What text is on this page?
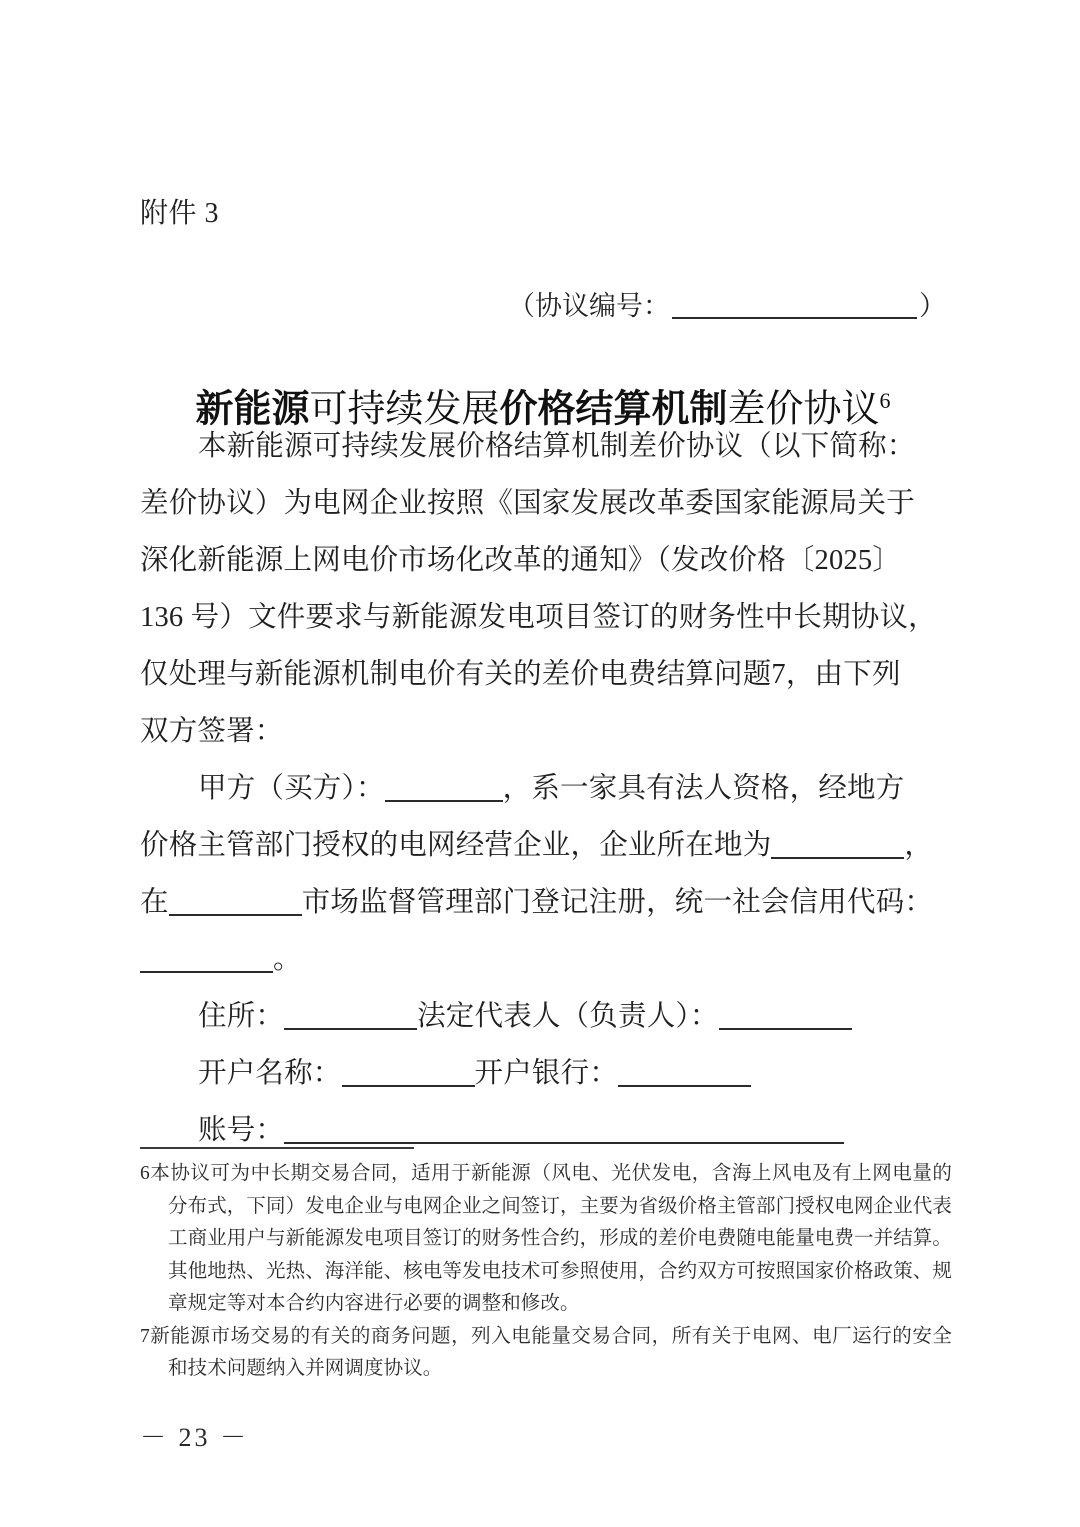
附件 3
（协议编号：	）
新能源可持续发展价格结算机制差价协议$^6$
本新能源可持续发展价格结算机制差价协议（以下简称：
差价协议）为电网企业按照《国家发展改革委国家能源局关于
深化新能源上网电价市场化改革的通知》（发改价格〔2025〕
136 号）文件要求与新能源发电项目签订的财务性中长期协议，
仅处理与新能源机制电价有关的差价电费结算问题7，由下列
双方签署：
甲方（买方）：	，系一家具有法人资格，经地方
价格主管部门授权的电网经营企业，企业所在地为	，
在	市场监督管理部门登记注册，统一社会信用代码：
。
住所：	法定代表人（负责人）：
开户名称：	开户银行：
账号：
6本协议可为中长期交易合同，适用于新能源（风电、光伏发电，含海上风电及有上网电量的分布式，下同）发电企业与电网企业之间签订，主要为省级价格主管部门授权电网企业代表工商业用户与新能源发电项目签订的财务性合约，形成的差价电费随电能量电费一并结算。其他地热、光热、海洋能、核电等发电技术可参照使用，合约双方可按照国家价格政策、规章规定等对本合约内容进行必要的调整和修改。
7新能源市场交易的有关的商务问题，列入电能量交易合同，所有关于电网、电厂运行的安全和技术问题纳入并网调度协议。
－ 23 －
